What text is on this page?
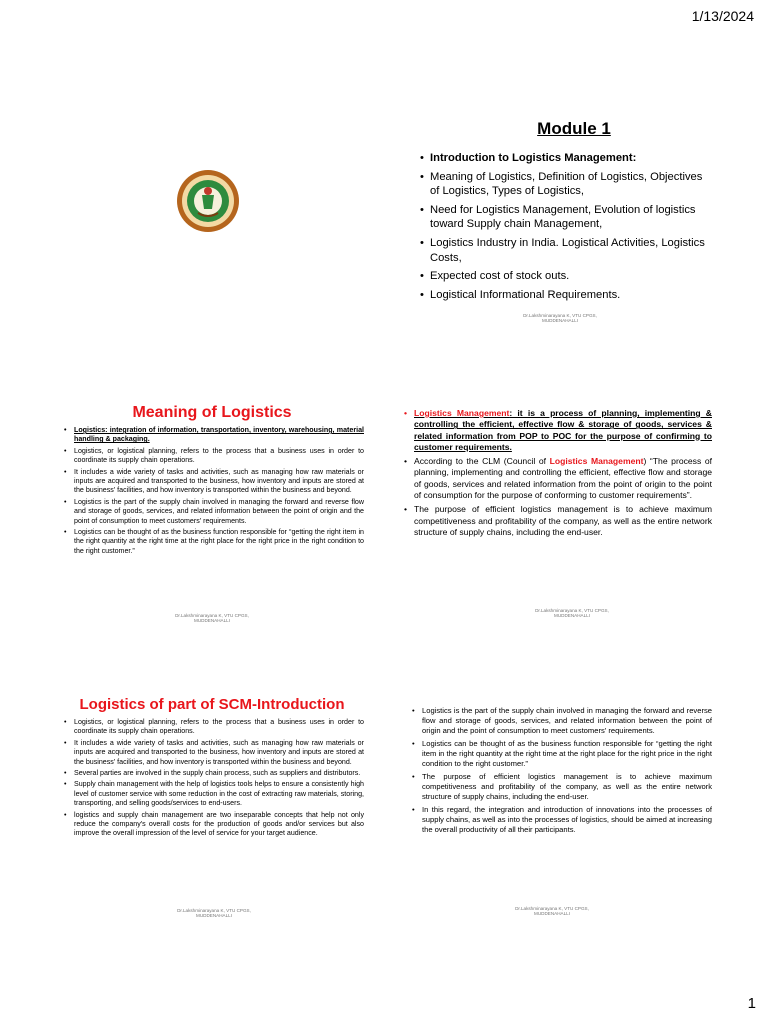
1/13/2024
Module 1
• Introduction to Logistics Management:
• Meaning of Logistics, Definition of Logistics, Objectives of Logistics, Types of Logistics,
• Need for Logistics Management, Evolution of logistics toward Supply chain Management,
• Logistics Industry in India. Logistical Activities, Logistics Costs,
• Expected cost of stock outs.
• Logistical Informational Requirements.
Dr.Lakshminarayana K, VTU CPGS,
MUDDENAHALLI
Meaning of Logistics
• Logistics: integration of information, transportation, inventory, warehousing, material handling & packaging.
• Logistics, or logistical planning, refers to the process that a business uses in order to coordinate its supply chain operations.
• It includes a wide variety of tasks and activities, such as managing how raw materials or inputs are acquired and transported to the business, how inventory and inputs are stored at the business' facilities, and how inventory is transported within the business and beyond.
• Logistics is the part of the supply chain involved in managing the forward and reverse flow and storage of goods, services, and related information between the point of origin and the point of consumption to meet customers' requirements.
• Logistics can be thought of as the business function responsible for “getting the right item in the right quantity at the right time at the right place for the right price in the right condition to the right customer.”
Dr.Lakshminarayana K, VTU CPGS,
MUDDENAHALLI
• Logistics Management: it is a process of planning, implementing & controlling the efficient, effective flow & storage of goods, services & related information from POP to POC for the purpose of confirming to customer requirements.
• According to the CLM (Council of Logistics Management) “The process of planning, implementing and controlling the efficient, effective flow and storage of goods, services and related information from the point of origin to the point of consumption for the purpose of conforming to customer requirements”.
• The purpose of efficient logistics management is to achieve maximum competitiveness and profitability of the company, as well as the entire network structure of supply chains, including the end-user.
Dr.Lakshminarayana K, VTU CPGS,
MUDDENAHALLI
Logistics of part of SCM-Introduction
• Logistics, or logistical planning, refers to the process that a business uses in order to coordinate its supply chain operations.
• It includes a wide variety of tasks and activities, such as managing how raw materials or inputs are acquired and transported to the business, how inventory and inputs are stored at the business' facilities, and how inventory is transported within the business and beyond.
• Several parties are involved in the supply chain process, such as suppliers and distributors.
• Supply chain management with the help of logistics tools helps to ensure a consistently high level of customer service with some reduction in the cost of extracting raw materials, storing, transporting, and selling goods/services to end-users.
• logistics and supply chain management are two inseparable concepts that help not only reduce the company's overall costs for the production of goods and/or services but also improve the overall impression of the level of service for your target audience.
Dr.Lakshminarayana K, VTU CPGS,
MUDDENAHALLI
• Logistics is the part of the supply chain involved in managing the forward and reverse flow and storage of goods, services, and related information between the point of origin and the point of consumption to meet customers' requirements.
• Logistics can be thought of as the business function responsible for “getting the right item in the right quantity at the right time at the right place for the right price in the right condition to the right customer.”
• The purpose of efficient logistics management is to achieve maximum competitiveness and profitability of the company, as well as the entire network structure of supply chains, including the end-user.
• In this regard, the integration and introduction of innovations into the processes of supply chains, as well as into the processes of logistics, should be aimed at increasing the overall productivity of all their participants.
Dr.Lakshminarayana K, VTU CPGS,
MUDDENAHALLI
1
